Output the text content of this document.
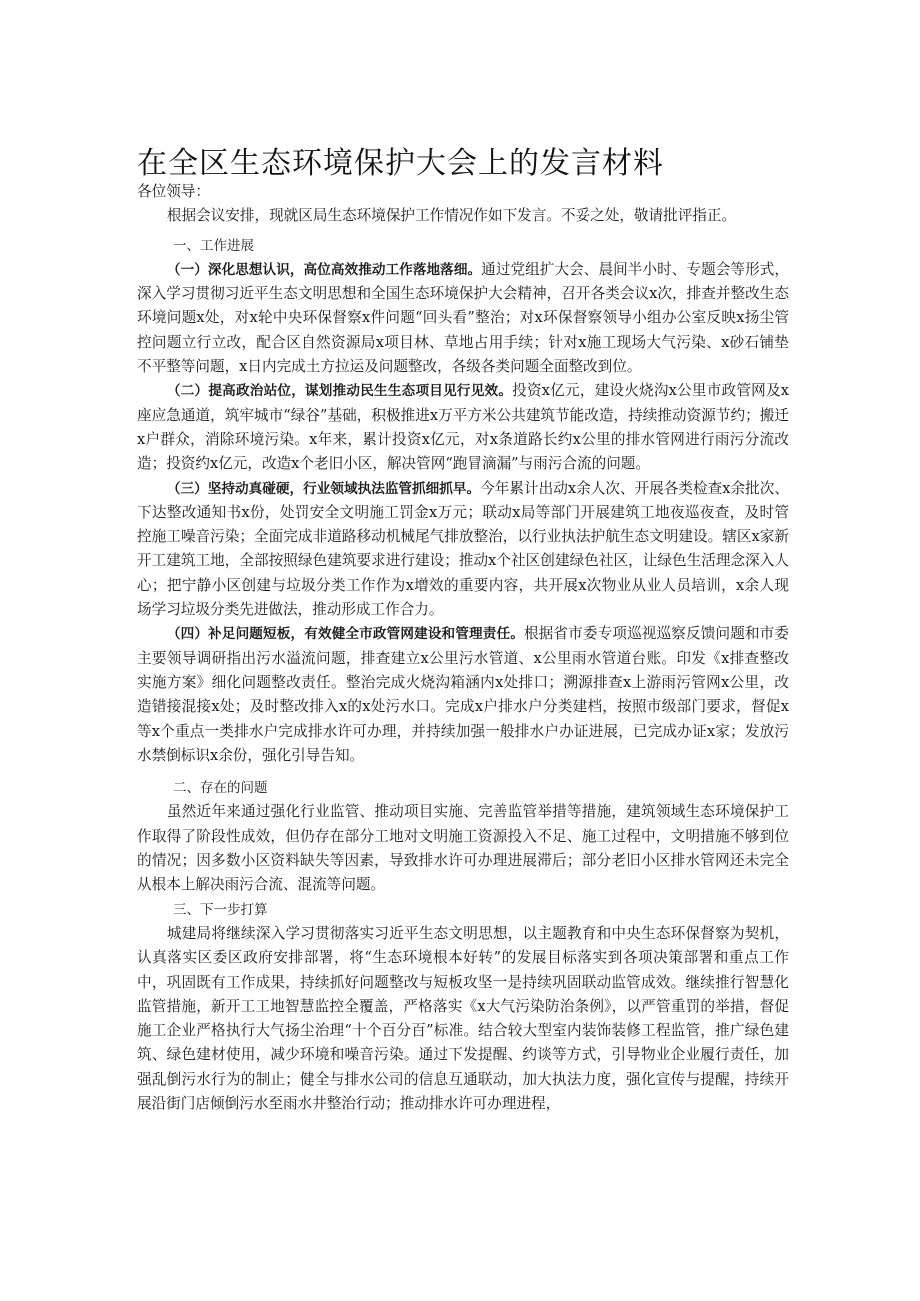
在全区生态环境保护大会上的发言材料

各位领导：

根据会议安排，现就区局生态环境保护工作情况作如下发言。不妥之处，敬请批评指正。

一、工作进展

（一）深化思想认识，高位高效推动工作落地落细。通过党组扩大会、晨间半小时、专题会等形式，深入学习贯彻习近平生态文明思想和全国生态环境保护大会精神，召开各类会议x次，排查并整改生态环境问题x处，对x轮中央环保督察x件问题“回头看”整治；对x环保督察领导小组办公室反映x扬尘管控问题立行立改，配合区自然资源局x项目林、草地占用手续；针对x施工现场大气污染、x砂石铺垫不平整等问题，x日内完成土方拉运及问题整改，各级各类问题全面整改到位。

（二）提高政治站位，谋划推动民生生态项目见行见效。投资x亿元，建设火烧沟x公里市政管网及x座应急通道，筑牢城市“绿谷”基础，积极推进x万平方米公共建筑节能改造，持续推动资源节约；搬迁x户群众，消除环境污染。x年来，累计投资x亿元，对x条道路长约x公里的排水管网进行雨污分流改造；投资约x亿元，改造x个老旧小区，解决管网“跑冒滴漏”与雨污合流的问题。

（三）坚持动真碰硬，行业领域执法监管抓细抓早。今年累计出动x余人次、开展各类检查x余批次、下达整改通知书x份，处罚安全文明施工罚金x万元；联动x局等部门开展建筑工地夜巡夜查，及时管控施工噪音污染；全面完成非道路移动机械尾气排放整治，以行业执法护航生态文明建设。辖区x家新开工建筑工地，全部按照绿色建筑要求进行建设；推动x个社区创建绿色社区，让绿色生活理念深入人心；把宁静小区创建与垃圾分类工作作为x增效的重要内容，共开展x次物业从业人员培训，x余人现场学习垃圾分类先进做法，推动形成工作合力。

（四）补足问题短板，有效健全市政管网建设和管理责任。根据省市委专项巡视巡察反馈问题和市委主要领导调研指出污水溢流问题，排查建立x公里污水管道、x公里雨水管道台账。印发《x排查整改实施方案》细化问题整改责任。整治完成火烧沟箱涵内x处排口；溯源排查x上游雨污管网x公里，改造错接混接x处；及时整改排入x的x处污水口。完成x户排水户分类建档，按照市级部门要求，督促x等x个重点一类排水户完成排水许可办理，并持续加强一般排水户办证进展，已完成办证x家；发放污水禁倒标识x余份，强化引导告知。

二、存在的问题

虽然近年来通过强化行业监管、推动项目实施、完善监管举措等措施，建筑领域生态环境保护工作取得了阶段性成效，但仍存在部分工地对文明施工资源投入不足、施工过程中，文明措施不够到位的情况；因多数小区资料缺失等因素，导致排水许可办理进展滞后；部分老旧小区排水管网还未完全从根本上解决雨污合流、混流等问题。

三、下一步打算

城建局将继续深入学习贯彻落实习近平生态文明思想，以主题教育和中央生态环保督察为契机，认真落实区委区政府安排部署，将“生态环境根本好转”的发展目标落实到各项决策部署和重点工作中，巩固既有工作成果，持续抓好问题整改与短板攻坚一是持续巩固联动监管成效。继续推行智慧化监管措施，新开工工地智慧监控全覆盖，严格落实《x大气污染防治条例》，以严管重罚的举措，督促施工企业严格执行大气扬尘治理“十个百分百”标准。结合较大型室内装饰装修工程监管，推广绿色建筑、绿色建材使用，减少环境和噪音污染。通过下发提醒、约谈等方式，引导物业企业履行责任，加强乱倒污水行为的制止；健全与排水公司的信息互通联动，加大执法力度，强化宣传与提醒，持续开展沿街门店倾倒污水至雨水井整治行动；推动排水许可办理进程，
